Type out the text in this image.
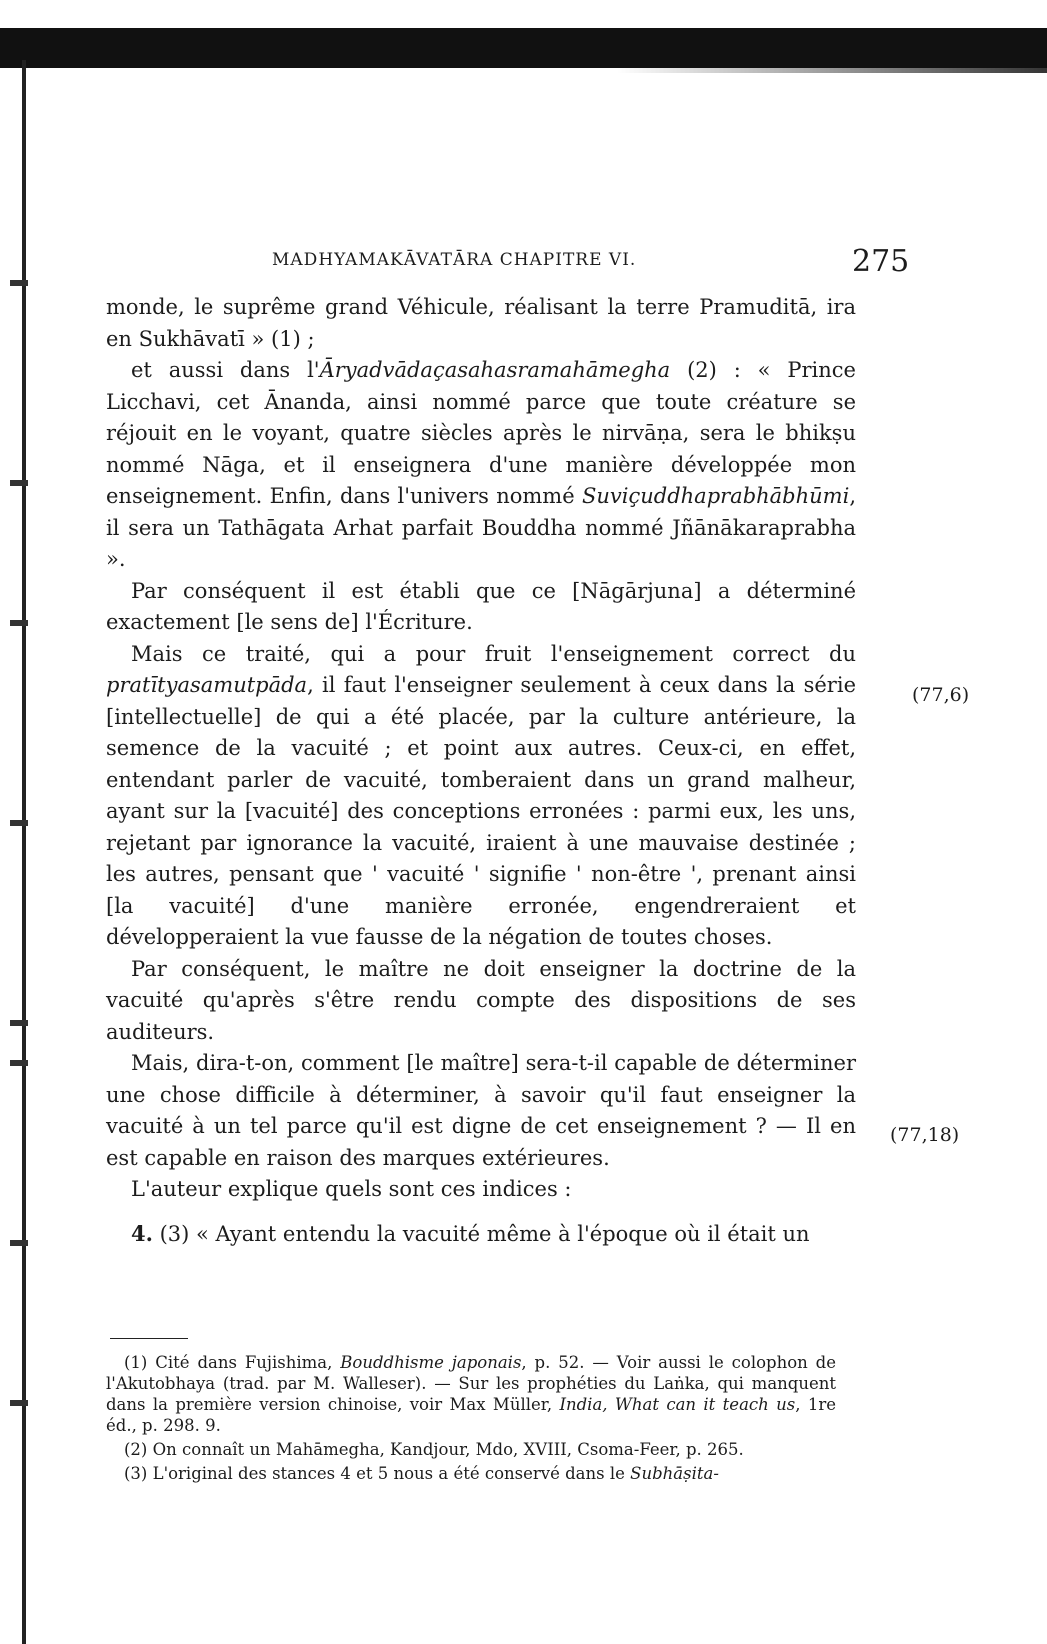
MADHYAMAKĀVATĀRA CHAPITRE VI.	275

monde, le suprême grand Véhicule, réalisant la terre Pramuditā, ira en Sukhāvatī » (1) ;

et aussi dans l'Āryadvādaçasahasramahāmegha (2) : « Prince Licchavi, cet Ānanda, ainsi nommé parce que toute créature se réjouit en le voyant, quatre siècles après le nirvāṇa, sera le bhikṣu nommé Nāga, et il enseignera d'une manière développée mon enseignement. Enfin, dans l'univers nommé Suviçuddhaprabhābhūmi, il sera un Tathāgata Arhat parfait Bouddha nommé Jñānākaraprabha ».

Par conséquent il est établi que ce [Nāgārjuna] a déterminé exactement [le sens de] l'Écriture.

Mais ce traité, qui a pour fruit l'enseignement correct du pratītyasamutpāda, il faut l'enseigner seulement à ceux dans la série [intellectuelle] de qui a été placée, par la culture antérieure, la semence de la vacuité ; et point aux autres. Ceux-ci, en effet, entendant parler de vacuité, tomberaient dans un grand malheur, ayant sur la [vacuité] des conceptions erronées : parmi eux, les uns, rejetant par ignorance la vacuité, iraient à une mauvaise destinée ; les autres, pensant que ' vacuité ' signifie ' non-être ', prenant ainsi [la vacuité] d'une manière erronée, engendreraient et développeraient la vue fausse de la négation de toutes choses.

Par conséquent, le maître ne doit enseigner la doctrine de la vacuité qu'après s'être rendu compte des dispositions de ses auditeurs.

Mais, dira-t-on, comment [le maître] sera-t-il capable de déterminer une chose difficile à déterminer, à savoir qu'il faut enseigner la vacuité à un tel parce qu'il est digne de cet enseignement ? — Il en est capable en raison des marques extérieures.

L'auteur explique quels sont ces indices :

4. (3) « Ayant entendu la vacuité même à l'époque où il était un

(77,6)
(77,18)

(1) Cité dans Fujishima, Bouddhisme japonais, p. 52. — Voir aussi le colophon de l'Akutobhaya (trad. par M. Walleser). — Sur les prophéties du Laṅka, qui manquent dans la première version chinoise, voir Max Müller, India, What can it teach us, 1re éd., p. 298. 9.

(2) On connaît un Mahāmegha, Kandjour, Mdo, XVIII, Csoma-Feer, p. 265.

(3) L'original des stances 4 et 5 nous a été conservé dans le Subhāṣita-
